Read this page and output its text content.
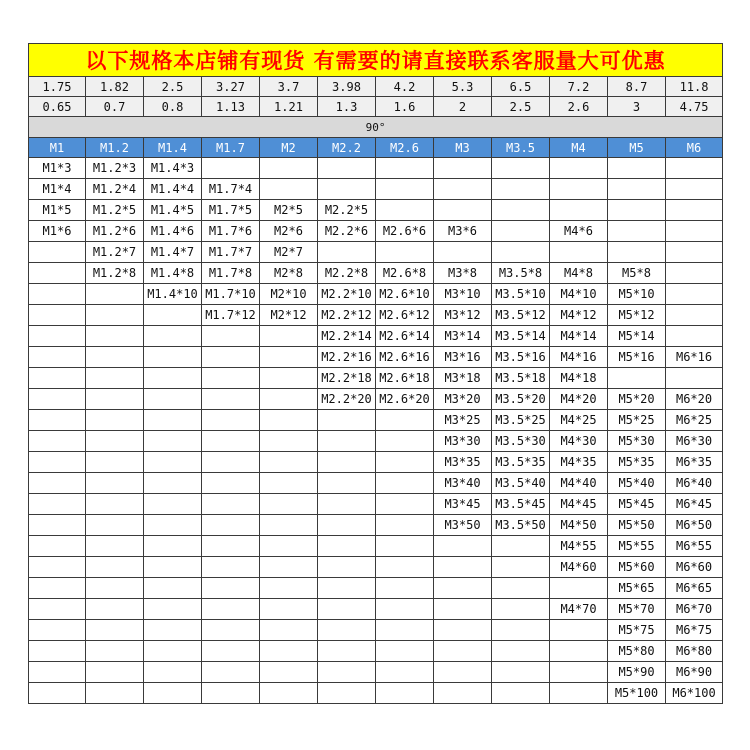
以下规格本店铺有现货 有需要的请直接联系客服量大可优惠											
1.75	1.82	2.5	3.27	3.7	3.98	4.2	5.3	6.5	7.2	8.7	11.8
0.65	0.7	0.8	1.13	1.21	1.3	1.6	2	2.5	2.6	3	4.75
90°											
M1	M1.2	M1.4	M1.7	M2	M2.2	M2.6	M3	M3.5	M4	M5	M6
M1*3	M1.2*3	M1.4*3									
M1*4	M1.2*4	M1.4*4	M1.7*4								
M1*5	M1.2*5	M1.4*5	M1.7*5	M2*5	M2.2*5						
M1*6	M1.2*6	M1.4*6	M1.7*6	M2*6	M2.2*6	M2.6*6	M3*6		M4*6		
	M1.2*7	M1.4*7	M1.7*7	M2*7							
	M1.2*8	M1.4*8	M1.7*8	M2*8	M2.2*8	M2.6*8	M3*8	M3.5*8	M4*8	M5*8	
		M1.4*10	M1.7*10	M2*10	M2.2*10	M2.6*10	M3*10	M3.5*10	M4*10	M5*10	
			M1.7*12	M2*12	M2.2*12	M2.6*12	M3*12	M3.5*12	M4*12	M5*12	
					M2.2*14	M2.6*14	M3*14	M3.5*14	M4*14	M5*14	
					M2.2*16	M2.6*16	M3*16	M3.5*16	M4*16	M5*16	M6*16
					M2.2*18	M2.6*18	M3*18	M3.5*18	M4*18		
					M2.2*20	M2.6*20	M3*20	M3.5*20	M4*20	M5*20	M6*20
							M3*25	M3.5*25	M4*25	M5*25	M6*25
							M3*30	M3.5*30	M4*30	M5*30	M6*30
							M3*35	M3.5*35	M4*35	M5*35	M6*35
							M3*40	M3.5*40	M4*40	M5*40	M6*40
							M3*45	M3.5*45	M4*45	M5*45	M6*45
							M3*50	M3.5*50	M4*50	M5*50	M6*50
									M4*55	M5*55	M6*55
									M4*60	M5*60	M6*60
										M5*65	M6*65
									M4*70	M5*70	M6*70
										M5*75	M6*75
										M5*80	M6*80
										M5*90	M6*90
										M5*100	M6*100
